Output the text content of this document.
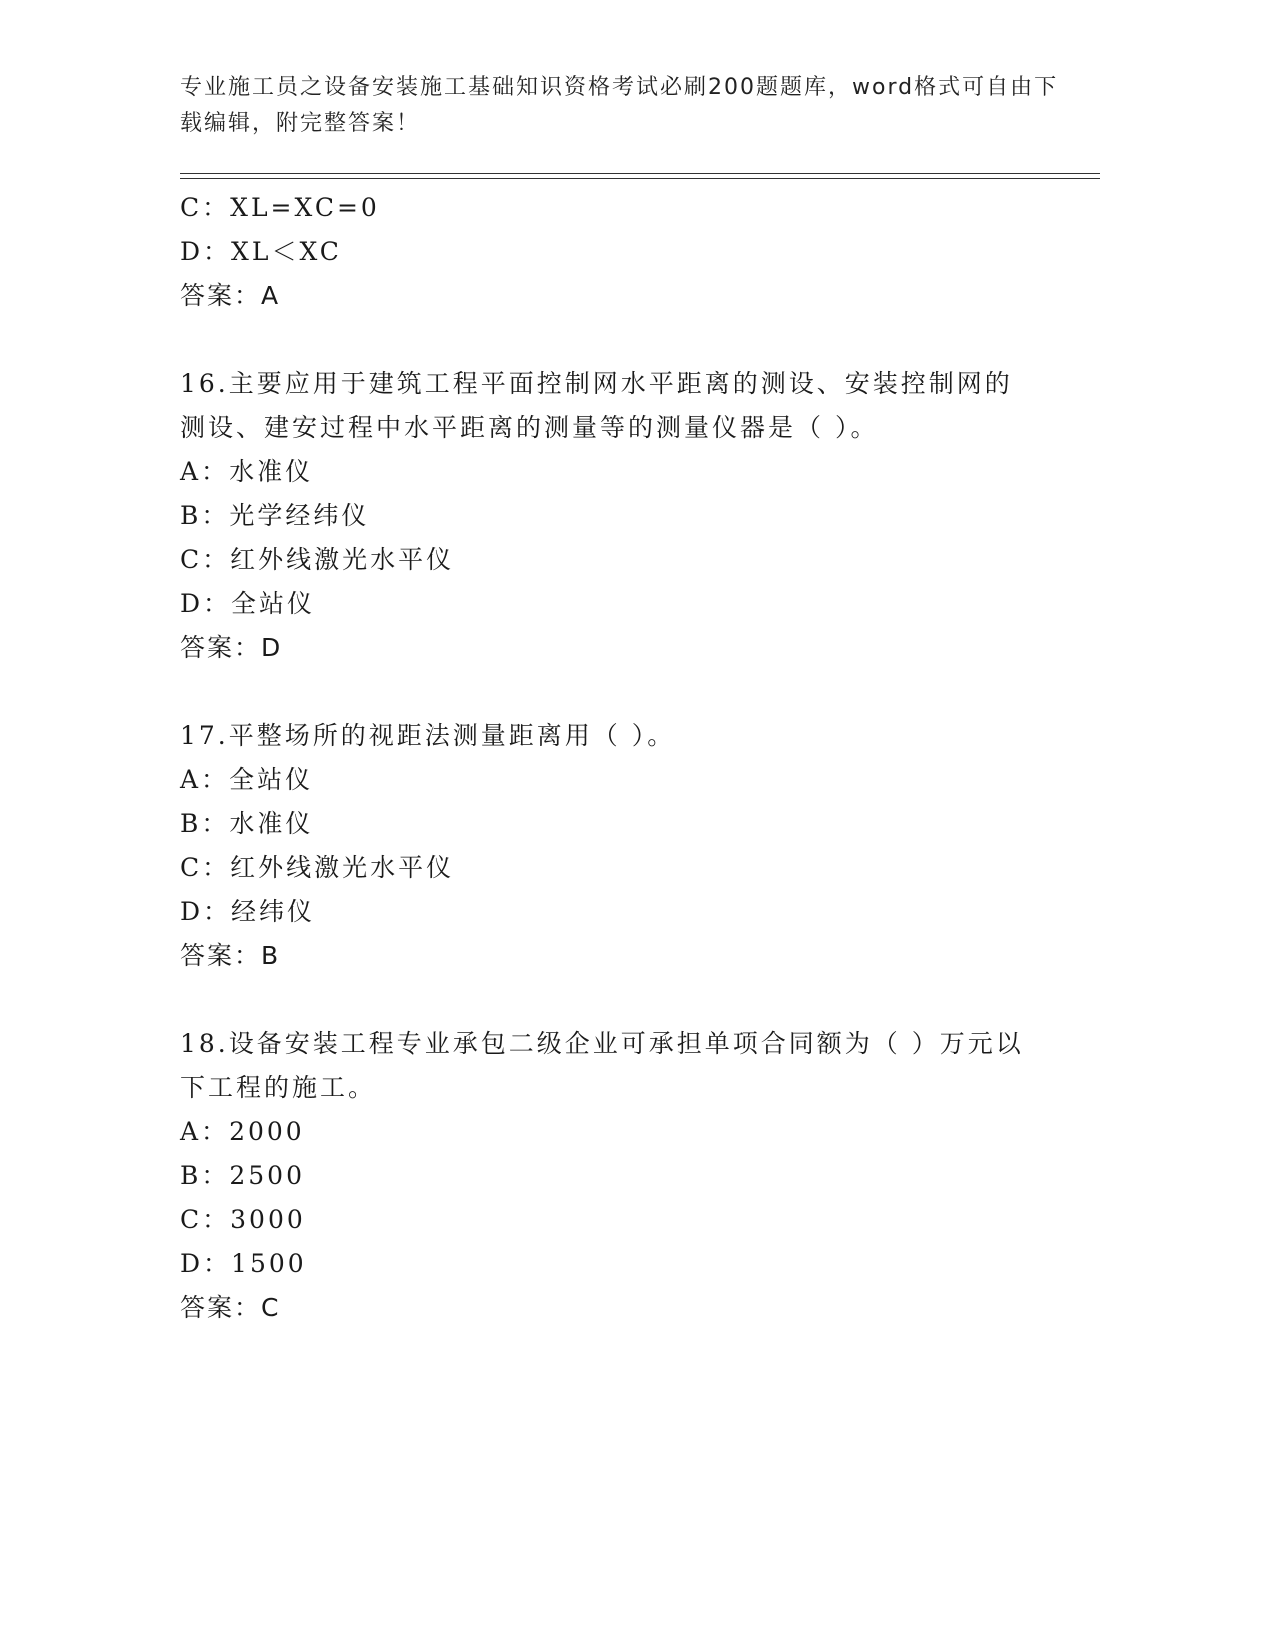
专业施工员之设备安装施工基础知识资格考试必刷200题题库，word格式可自由下载编辑，附完整答案！
C：XL=XC=0
D：XL＜XC
答案：A
16.主要应用于建筑工程平面控制网水平距离的测设、安装控制网的测设、建安过程中水平距离的测量等的测量仪器是（ ）。
A：水准仪
B：光学经纬仪
C：红外线激光水平仪
D：全站仪
答案：D
17.平整场所的视距法测量距离用（ ）。
A：全站仪
B：水准仪
C：红外线激光水平仪
D：经纬仪
答案：B
18.设备安装工程专业承包二级企业可承担单项合同额为（ ）万元以下工程的施工。
A：2000
B：2500
C：3000
D：1500
答案：C
